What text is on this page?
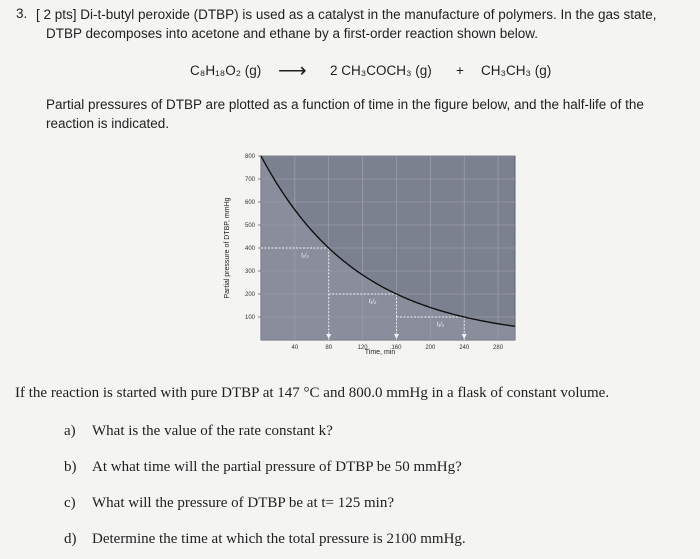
3. [ 2 pts] Di-t-butyl peroxide (DTBP) is used as a catalyst in the manufacture of polymers. In the gas state,
DTBP decomposes into acetone and ethane by a first-order reaction shown below.
C₈H₁₈O₂ (g) ⟶ 2 CH₃COCH₃ (g) + CH₃CH₃ (g)
Partial pressures of DTBP are plotted as a function of time in the figure below, and the half-life of the
reaction is indicated.
100
200
300
400
500
600
700
800
40	80	120	160	200	240	280
t₁/₂
t₁/₂
t₁/₂
Partial pressure of DTBP, mmHg
Time, min
If the reaction is started with pure DTBP at 147 °C and 800.0 mmHg in a flask of constant volume.
a) What is the value of the rate constant k?
b) At what time will the partial pressure of DTBP be 50 mmHg?
c) What will the pressure of DTBP be at t= 125 min?
d) Determine the time at which the total pressure is 2100 mmHg.
